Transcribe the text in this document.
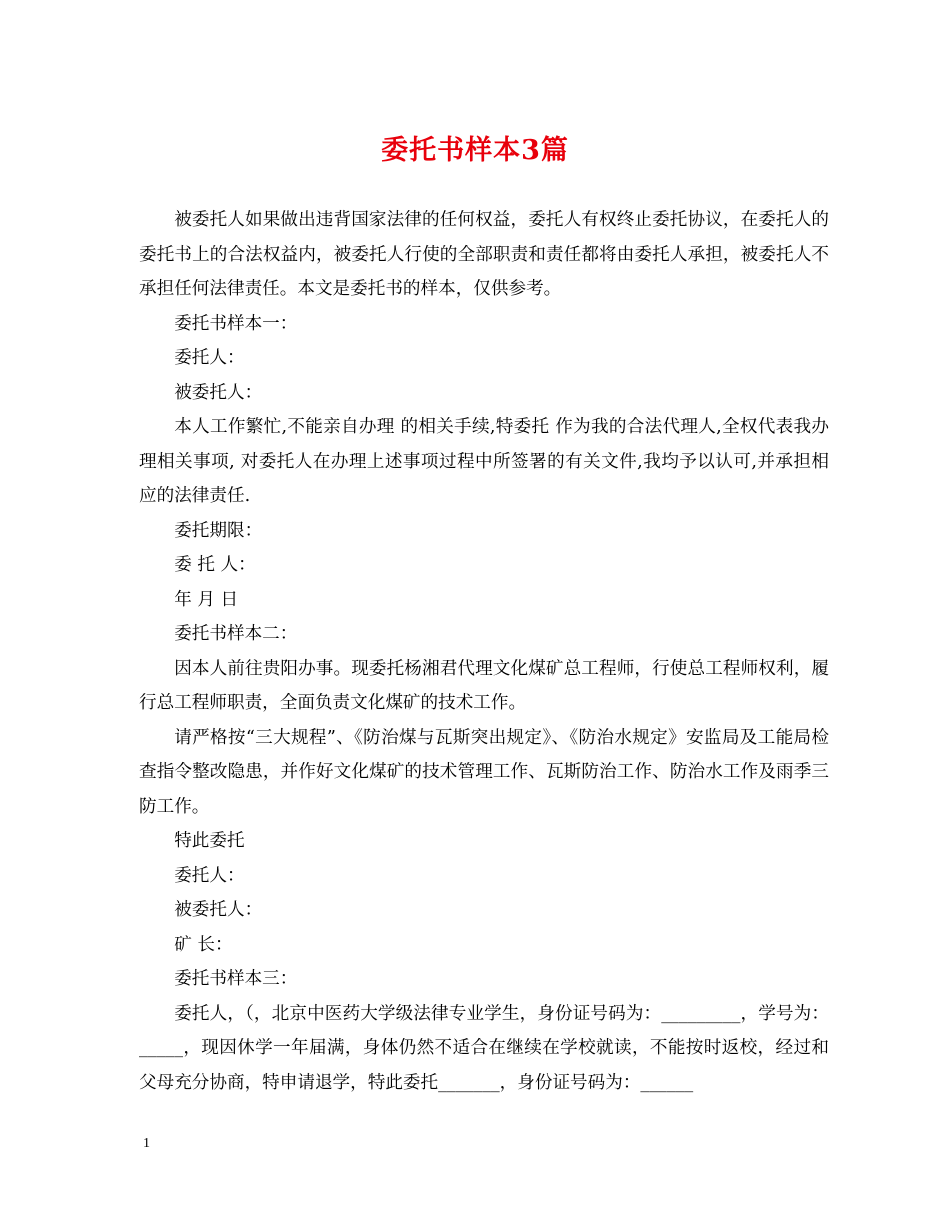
委托书样本3篇

被委托人如果做出违背国家法律的任何权益，委托人有权终止委托协议，在委托人的委托书上的合法权益内，被委托人行使的全部职责和责任都将由委托人承担，被委托人不承担任何法律责任。本文是委托书的样本，仅供参考。

委托书样本一：

委托人：

被委托人：

本人工作繁忙,不能亲自办理 的相关手续,特委托 作为我的合法代理人,全权代表我办理相关事项, 对委托人在办理上述事项过程中所签署的有关文件,我均予以认可,并承担相应的法律责任.

委托期限：

委 托 人：

年 月 日

委托书样本二：

因本人前往贵阳办事。现委托杨湘君代理文化煤矿总工程师，行使总工程师权利，履行总工程师职责，全面负责文化煤矿的技术工作。

请严格按“三大规程”、《防治煤与瓦斯突出规定》、《防治水规定》安监局及工能局检查指令整改隐患，并作好文化煤矿的技术管理工作、瓦斯防治工作、防治水工作及雨季三防工作。

特此委托

委托人：

被委托人：

矿 长：

委托书样本三：

委托人，（，北京中医药大学级法律专业学生，身份证号码为：_________，学号为：_____，现因休学一年届满，身体仍然不适合在继续在学校就读，不能按时返校，经过和父母充分协商，特申请退学，特此委托_______，身份证号码为：______

1
